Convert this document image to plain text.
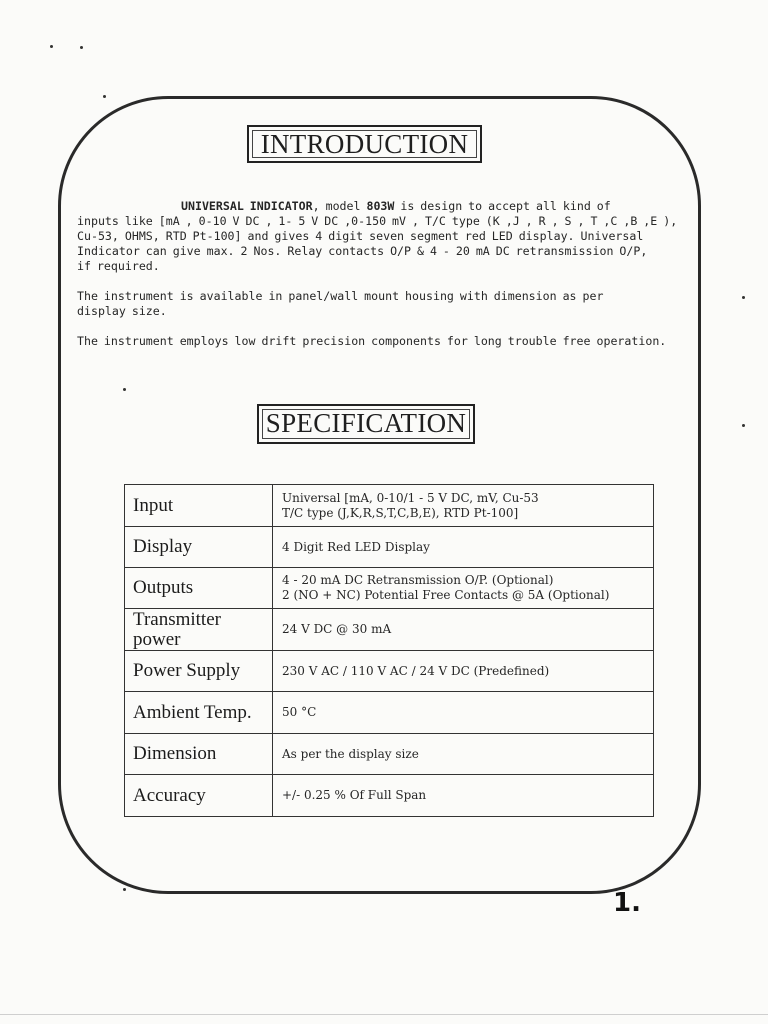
INTRODUCTION

UNIVERSAL INDICATOR, model 803W is design to accept all kind of

inputs like [mA , 0-10 V DC , 1- 5 V DC ,0-150 mV , T/C type (K ,J , R , S , T ,C ,B ,E ),

Cu-53, OHMS, RTD Pt-100] and gives 4 digit seven segment red LED display. Universal

Indicator can give max. 2 Nos. Relay contacts O/P & 4 - 20 mA DC retransmission O/P,

if required.

The instrument is available in panel/wall mount housing with dimension as per

display size.

The instrument employs low drift precision components for long trouble free operation.

SPECIFICATION
Input	Universal [mA, 0-10/1 - 5 V DC, mV, Cu-53
T/C type (J,K,R,S,T,C,B,E), RTD Pt-100]

Display	4 Digit Red LED Display

Outputs	4 - 20 mA DC Retransmission O/P. (Optional)
2 (NO + NC) Potential Free Contacts @ 5A (Optional)

Transmitter power	24 V DC @ 30 mA

Power Supply	230 V AC / 110 V AC / 24 V DC (Predefined)

Ambient Temp.	50 °C

Dimension	As per the display size

Accuracy	+/- 0.25 % Of Full Span
1.
